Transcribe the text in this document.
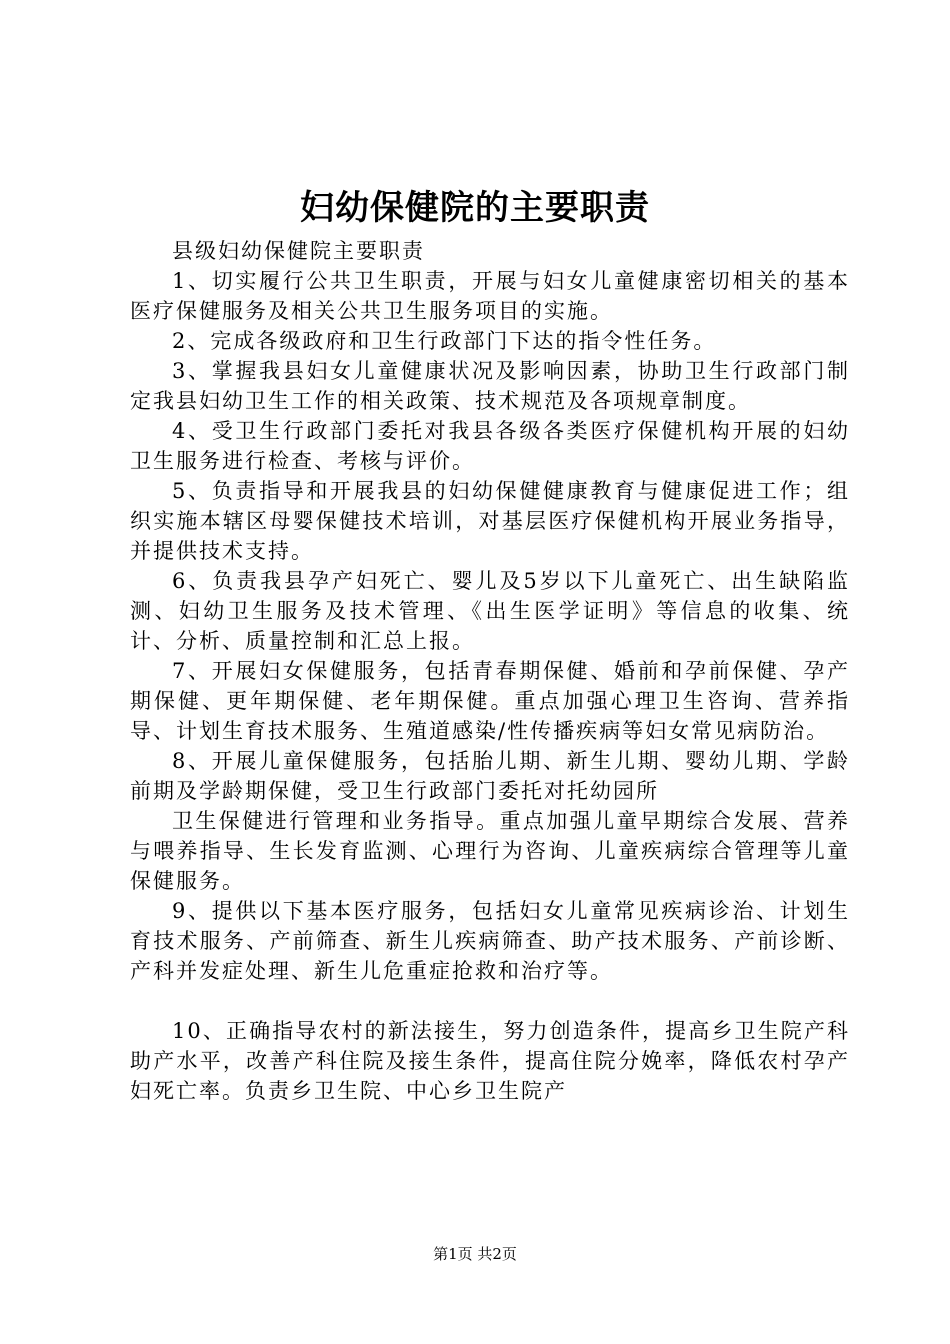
妇幼保健院的主要职责

县级妇幼保健院主要职责

1、切实履行公共卫生职责，开展与妇女儿童健康密切相关的基本医疗保健服务及相关公共卫生服务项目的实施。

2、完成各级政府和卫生行政部门下达的指令性任务。

3、掌握我县妇女儿童健康状况及影响因素，协助卫生行政部门制定我县妇幼卫生工作的相关政策、技术规范及各项规章制度。

4、受卫生行政部门委托对我县各级各类医疗保健机构开展的妇幼卫生服务进行检查、考核与评价。

5、负责指导和开展我县的妇幼保健健康教育与健康促进工作；组织实施本辖区母婴保健技术培训，对基层医疗保健机构开展业务指导，并提供技术支持。

6、负责我县孕产妇死亡、婴儿及5岁以下儿童死亡、出生缺陷监测、妇幼卫生服务及技术管理、《出生医学证明》等信息的收集、统计、分析、质量控制和汇总上报。

7、开展妇女保健服务，包括青春期保健、婚前和孕前保健、孕产期保健、更年期保健、老年期保健。重点加强心理卫生咨询、营养指导、计划生育技术服务、生殖道感染/性传播疾病等妇女常见病防治。

8、开展儿童保健服务，包括胎儿期、新生儿期、婴幼儿期、学龄前期及学龄期保健，受卫生行政部门委托对托幼园所

卫生保健进行管理和业务指导。重点加强儿童早期综合发展、营养与喂养指导、生长发育监测、心理行为咨询、儿童疾病综合管理等儿童保健服务。

9、提供以下基本医疗服务，包括妇女儿童常见疾病诊治、计划生育技术服务、产前筛查、新生儿疾病筛查、助产技术服务、产前诊断、产科并发症处理、新生儿危重症抢救和治疗等。

10、正确指导农村的新法接生，努力创造条件，提高乡卫生院产科助产水平，改善产科住院及接生条件，提高住院分娩率，降低农村孕产妇死亡率。负责乡卫生院、中心乡卫生院产

第1页 共2页
